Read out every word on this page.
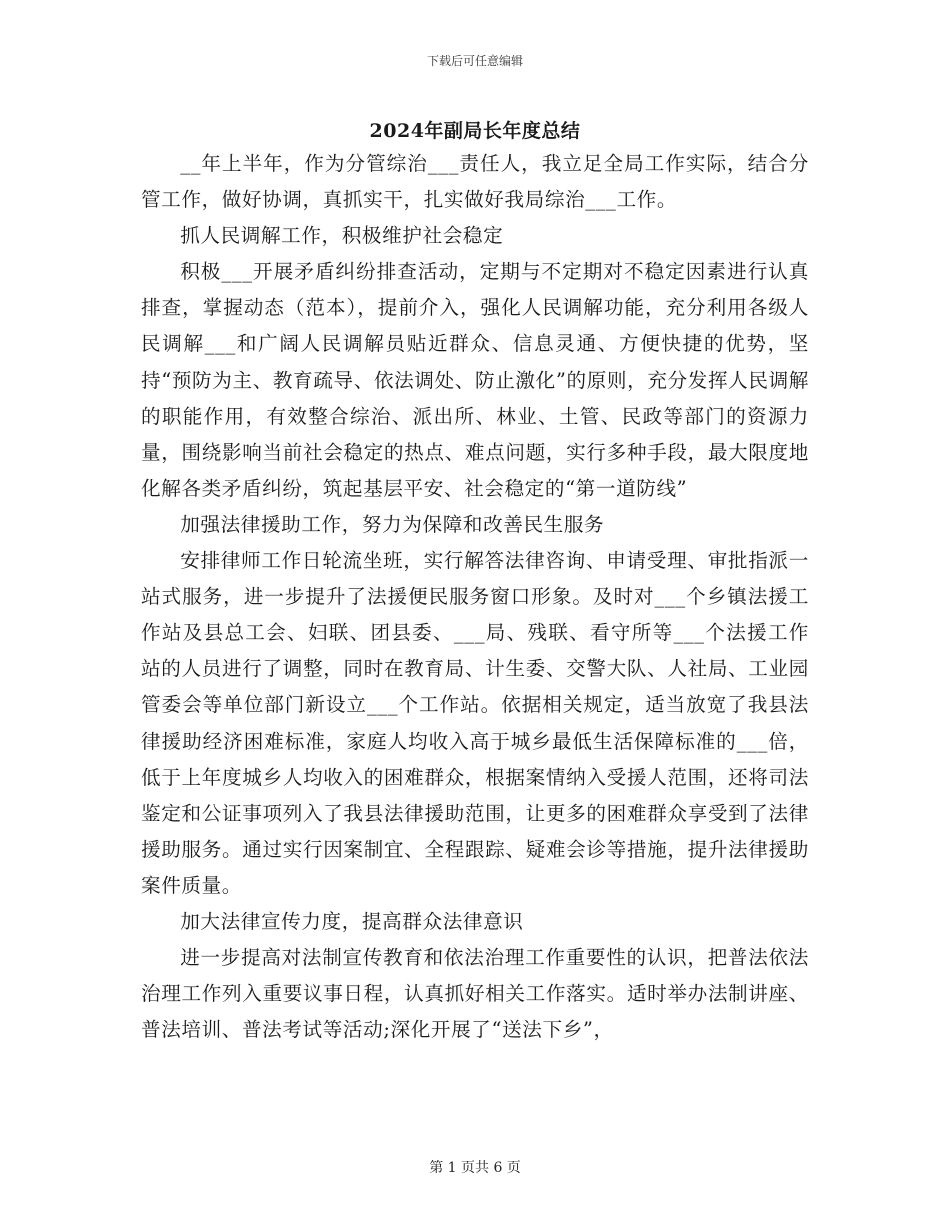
下载后可任意编辑
2024年副局长年度总结

__年上半年，作为分管综治___责任人，我立足全局工作实际，结合分管工作，做好协调，真抓实干，扎实做好我局综治___工作。

抓人民调解工作，积极维护社会稳定

积极___开展矛盾纠纷排查活动，定期与不定期对不稳定因素进行认真排查，掌握动态（范本），提前介入，强化人民调解功能，充分利用各级人民调解___和广阔人民调解员贴近群众、信息灵通、方便快捷的优势，坚持“预防为主、教育疏导、依法调处、防止激化”的原则，充分发挥人民调解的职能作用，有效整合综治、派出所、林业、土管、民政等部门的资源力量，围绕影响当前社会稳定的热点、难点问题，实行多种手段，最大限度地化解各类矛盾纠纷，筑起基层平安、社会稳定的“第一道防线”

加强法律援助工作，努力为保障和改善民生服务

安排律师工作日轮流坐班，实行解答法律咨询、申请受理、审批指派一站式服务，进一步提升了法援便民服务窗口形象。及时对___个乡镇法援工作站及县总工会、妇联、团县委、___局、残联、看守所等___个法援工作站的人员进行了调整，同时在教育局、计生委、交警大队、人社局、工业园管委会等单位部门新设立___个工作站。依据相关规定，适当放宽了我县法律援助经济困难标准，家庭人均收入高于城乡最低生活保障标准的___倍，低于上年度城乡人均收入的困难群众，根据案情纳入受援人范围，还将司法鉴定和公证事项列入了我县法律援助范围，让更多的困难群众享受到了法律援助服务。通过实行因案制宜、全程跟踪、疑难会诊等措施，提升法律援助案件质量。

加大法律宣传力度，提高群众法律意识

进一步提高对法制宣传教育和依法治理工作重要性的认识，把普法依法治理工作列入重要议事日程，认真抓好相关工作落实。适时举办法制讲座、普法培训、普法考试等活动;深化开展了“送法下乡”，

第 1 页共 6 页
